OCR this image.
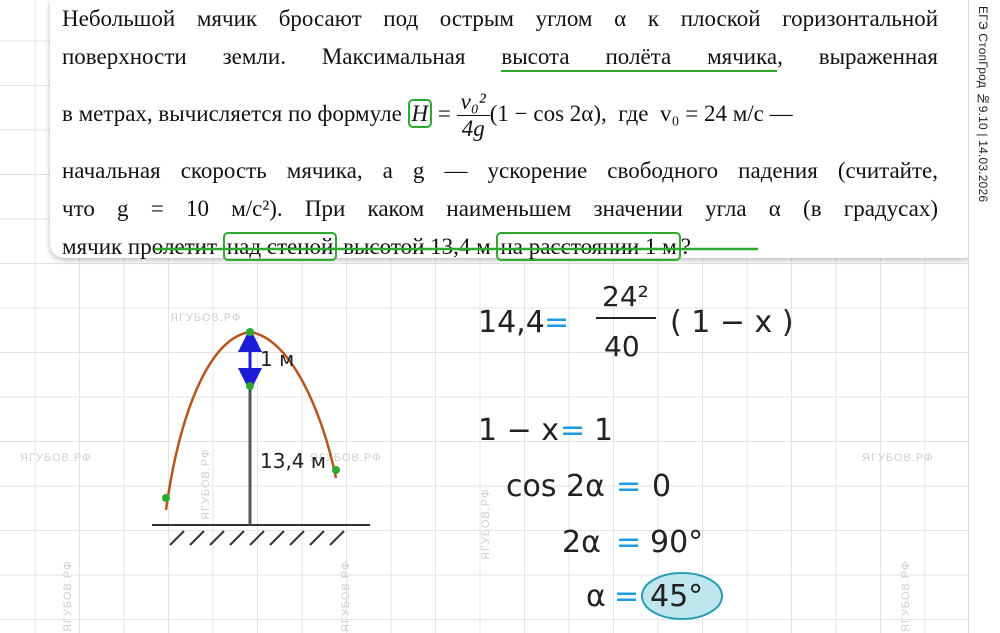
ЯГУБОВ.РФ
ЯГУБОВ.РФ
ЯГУБОВ.РФ	ЯГУБОВ.РФ
ЯГУБОВ.РФ
ЯГУБОВ.РФ
ЯГУБОВ.РФ
ЯГУБОВ.РФ
ЯГУБОВ.РФ
Небольшой мячик бросают под острым углом α к плоской горизонтальной
поверхности земли. Максимальная высота полёта мячика, выраженная
в метрах, вычисляется по формуле $H = \frac{\text{v₀²}}{4g} (1 - \cos 2\alpha)$, где v₀ = 24 м/с —
начальная скорость мячика, а g — ускорение свободного падения (считайте,
что g = 10 м/с²). При каком наименьшем значении угла α (в градусах)
мячик пролетит над стеной высотой 13,4 м на расстоянии 1 м ?
ЕГЭ СтопГрод №9.10 | 14.03.2026
1 м
13,4 м
14,4 =
24²
40
( 1 − x )
1 − x = 1
cos 2α = 0
2α = 90°
α = 45°
